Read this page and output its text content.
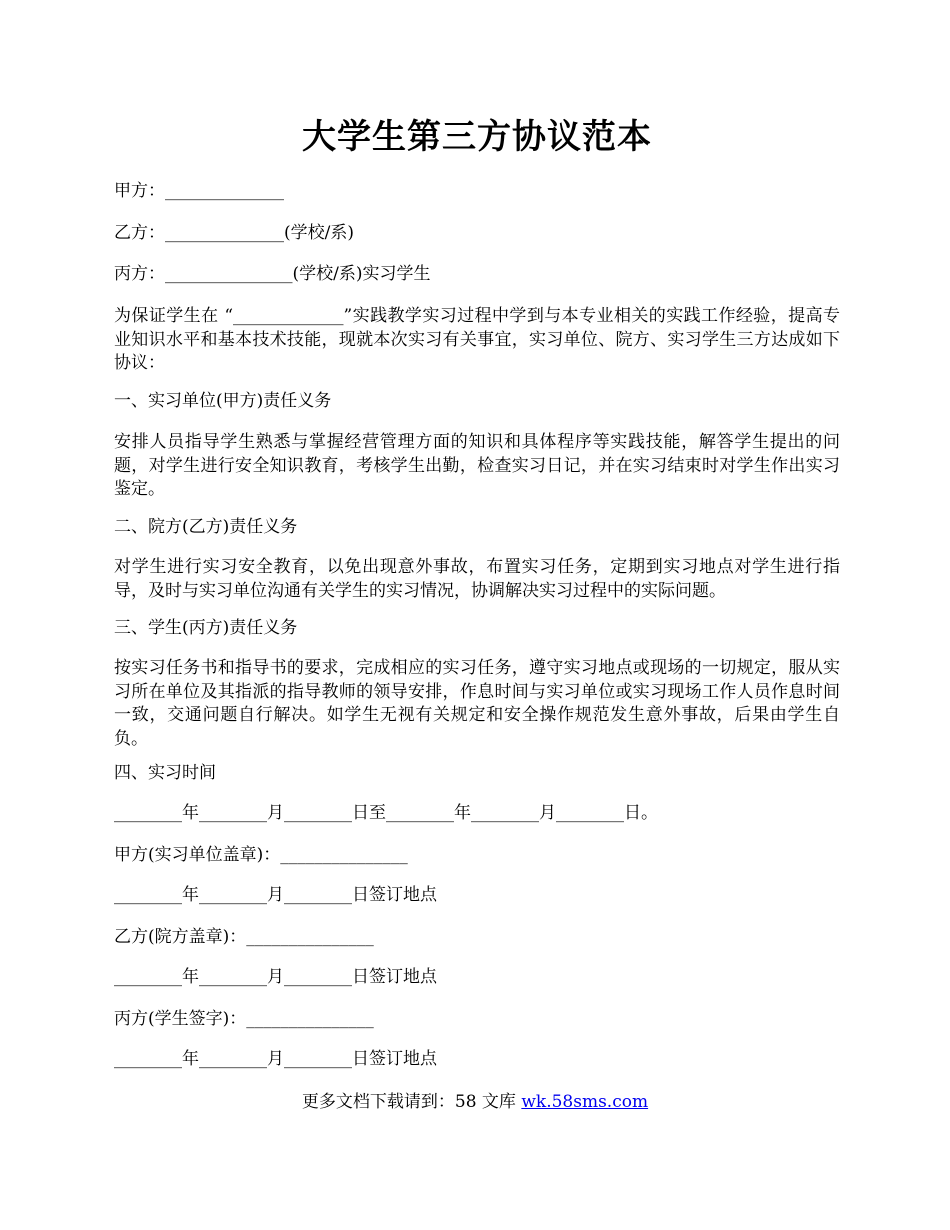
大学生第三方协议范本
甲方：______________
乙方：______________(学校/系)
丙方：_______________(学校/系)实习学生
为保证学生在 “_____________”实践教学实习过程中学到与本专业相关的实践工作经验，提高专业知识水平和基本技术技能，现就本次实习有关事宜，实习单位、院方、实习学生三方达成如下协议：
一、实习单位(甲方)责任义务
安排人员指导学生熟悉与掌握经营管理方面的知识和具体程序等实践技能，解答学生提出的问题，对学生进行安全知识教育，考核学生出勤，检查实习日记，并在实习结束时对学生作出实习鉴定。
二、院方(乙方)责任义务
对学生进行实习安全教育，以免出现意外事故，布置实习任务，定期到实习地点对学生进行指导，及时与实习单位沟通有关学生的实习情况，协调解决实习过程中的实际问题。
三、学生(丙方)责任义务
按实习任务书和指导书的要求，完成相应的实习任务，遵守实习地点或现场的一切规定，服从实习所在单位及其指派的指导教师的领导安排，作息时间与实习单位或实习现场工作人员作息时间一致，交通问题自行解决。如学生无视有关规定和安全操作规范发生意外事故，后果由学生自负。
四、实习时间
________年________月________日至________年________月________日。
甲方(实习单位盖章)：_______________
________年________月________日签订地点
乙方(院方盖章)：_______________
________年________月________日签订地点
丙方(学生签字)：_______________
________年________月________日签订地点
更多文档下载请到：58 文库 wk.58sms.com
